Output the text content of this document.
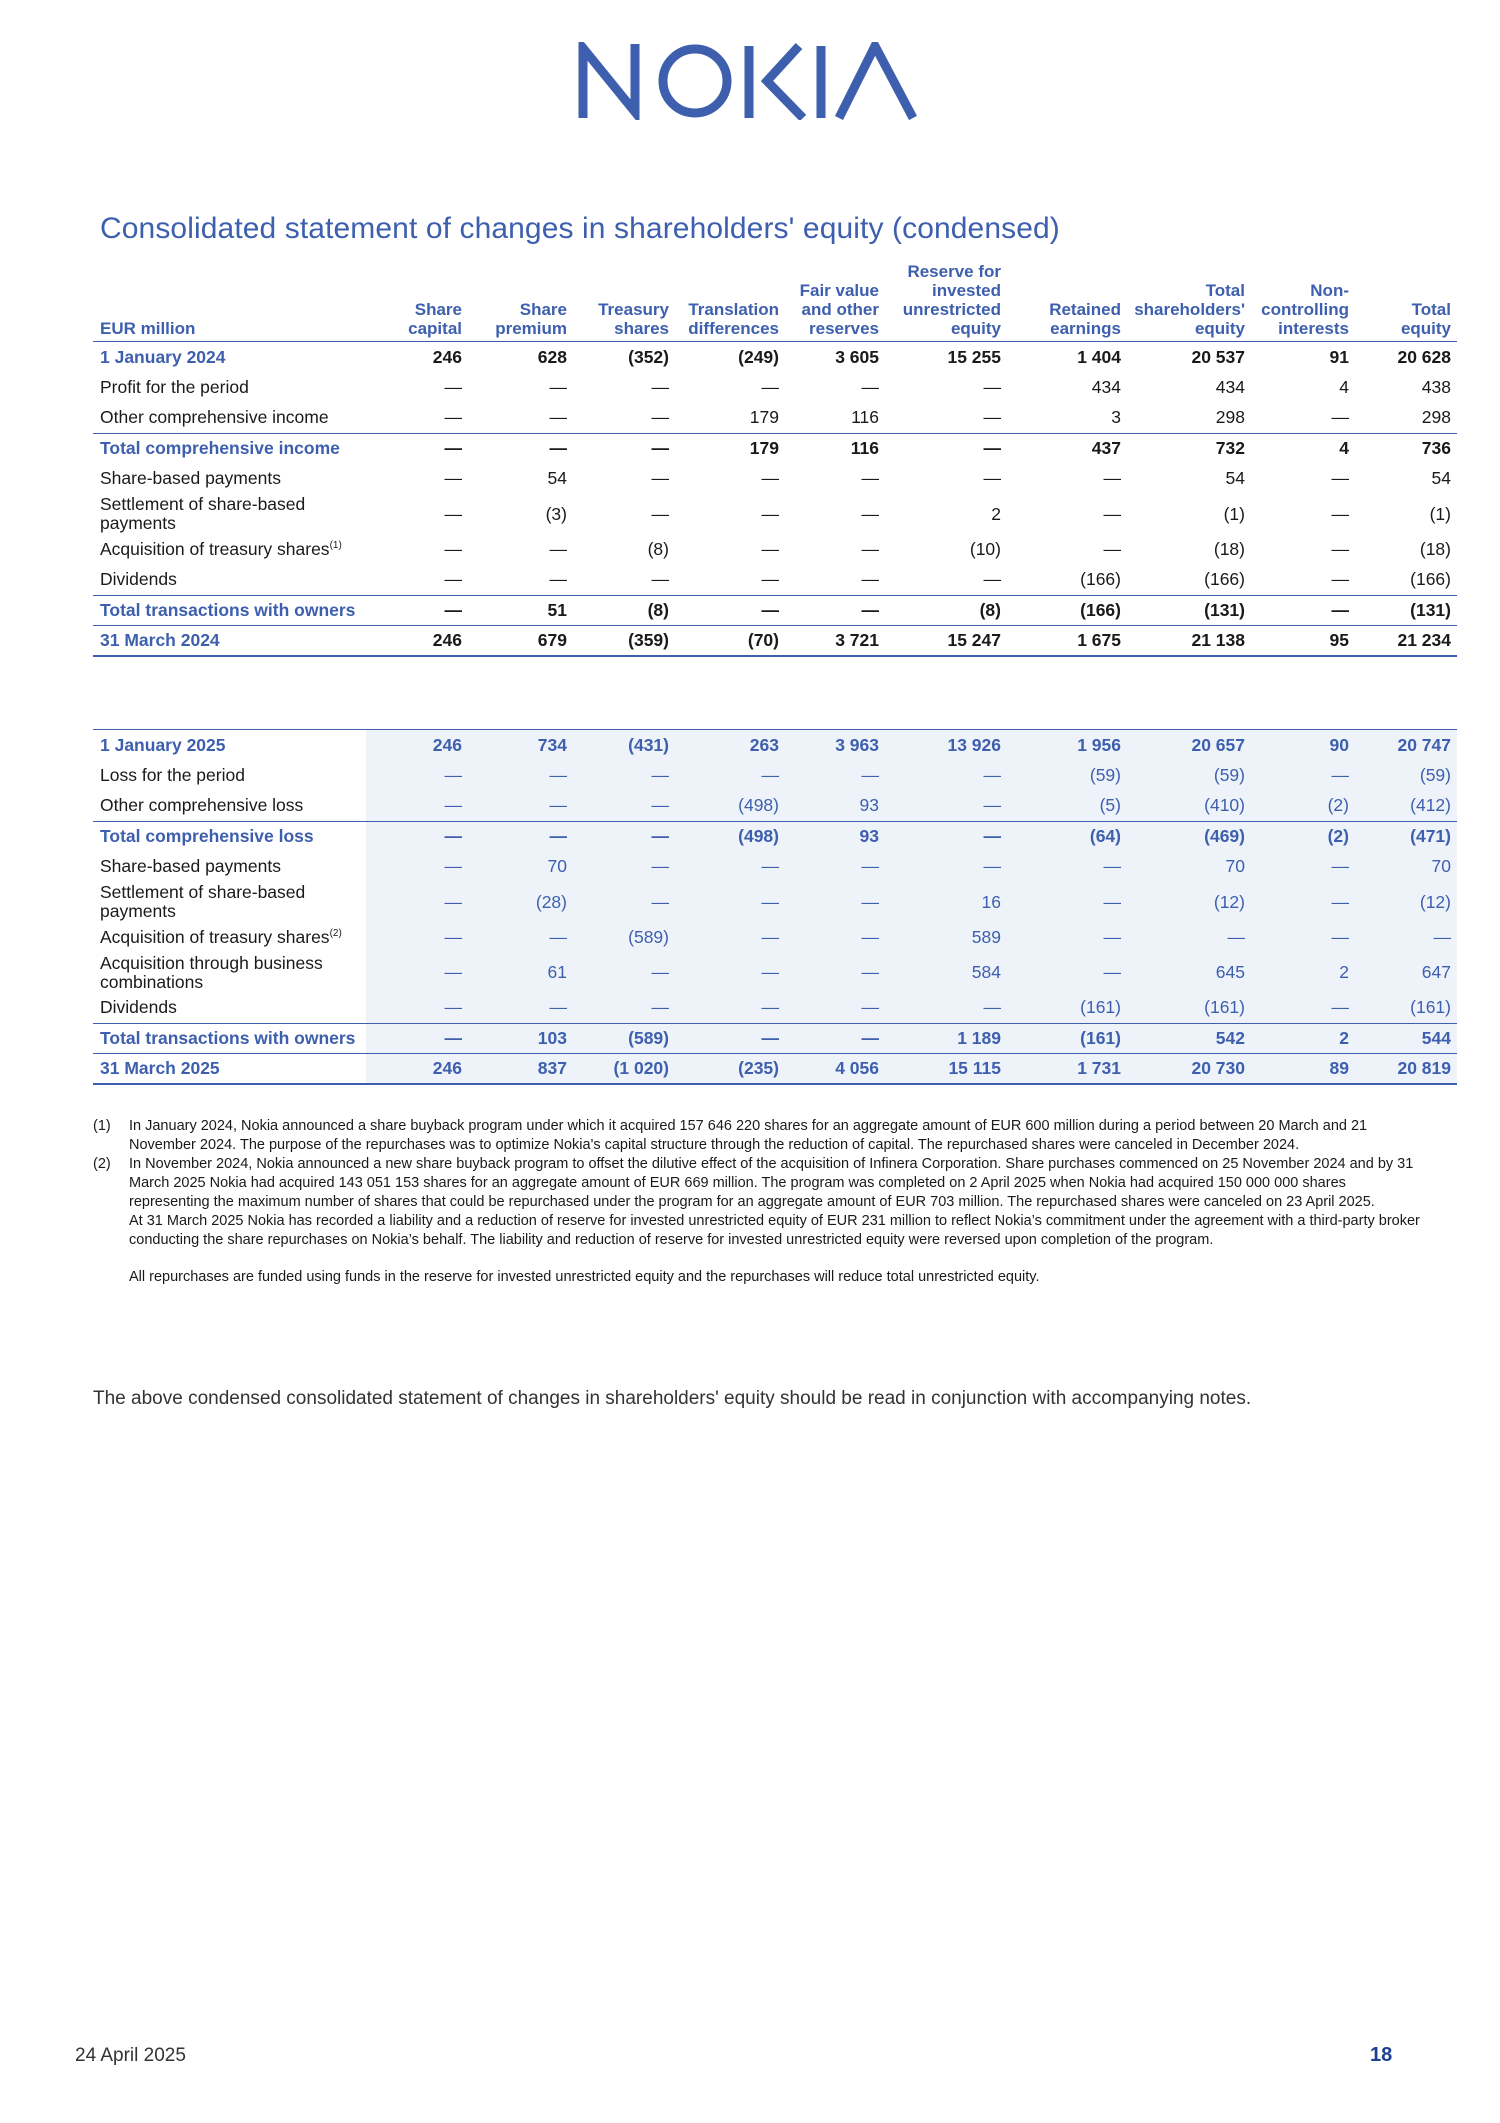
Consolidated statement of changes in shareholders' equity (condensed)
EUR million	Share capital	Share premium	Treasury shares	Translation differences	Fair value and other reserves	Reserve for invested unrestricted equity	Retained earnings	Total shareholders' equity	Non-controlling interests	Total equity
1 January 2024	246	628	(352)	(249)	3 605	15 255	1 404	20 537	91	20 628
Profit for the period	—	—	—	—	—	—	434	434	4	438
Other comprehensive income	—	—	—	179	116	—	3	298	—	298
Total comprehensive income	—	—	—	179	116	—	437	732	4	736
Share-based payments	—	54	—	—	—	—	—	54	—	54
Settlement of share-based payments	—	(3)	—	—	—	2	—	(1)	—	(1)
Acquisition of treasury shares$^{(1)}$	—	—	(8)	—	—	(10)	—	(18)	—	(18)
Dividends	—	—	—	—	—	—	(166)	(166)	—	(166)
Total transactions with owners	—	51	(8)	—	—	(8)	(166)	(131)	—	(131)
31 March 2024	246	679	(359)	(70)	3 721	15 247	1 675	21 138	95	21 234
1 January 2025	246	734	(431)	263	3 963	13 926	1 956	20 657	90	20 747
Loss for the period	—	—	—	—	—	—	(59)	(59)	—	(59)
Other comprehensive loss	—	—	—	(498)	93	—	(5)	(410)	(2)	(412)
Total comprehensive loss	—	—	—	(498)	93	—	(64)	(469)	(2)	(471)
Share-based payments	—	70	—	—	—	—	—	70	—	70
Settlement of share-based payments	—	(28)	—	—	—	16	—	(12)	—	(12)
Acquisition of treasury shares$^{(2)}$	—	—	(589)	—	—	589	—	—	—	—
Acquisition through business combinations	—	61	—	—	—	584	—	645	2	647
Dividends	—	—	—	—	—	—	(161)	(161)	—	(161)
Total transactions with owners	—	103	(589)	—	—	1 189	(161)	542	2	544
31 March 2025	246	837	(1 020)	(235)	4 056	15 115	1 731	20 730	89	20 819
(1)	In January 2024, Nokia announced a share buyback program under which it acquired 157 646 220 shares for an aggregate amount of EUR 600 million during a period between 20 March and 21 November 2024. The purpose of the repurchases was to optimize Nokia's capital structure through the reduction of capital. The repurchased shares were canceled in December 2024.

(2)	In November 2024, Nokia announced a new share buyback program to offset the dilutive effect of the acquisition of Infinera Corporation. Share purchases commenced on 25 November 2024 and by 31 March 2025 Nokia had acquired 143 051 153 shares for an aggregate amount of EUR 669 million. The program was completed on 2 April 2025 when Nokia had acquired 150 000 000 shares representing the maximum number of shares that could be repurchased under the program for an aggregate amount of EUR 703 million. The repurchased shares were canceled on 23 April 2025.

At 31 March 2025 Nokia has recorded a liability and a reduction of reserve for invested unrestricted equity of EUR 231 million to reflect Nokia’s commitment under the agreement with a third-party broker conducting the share repurchases on Nokia’s behalf. The liability and reduction of reserve for invested unrestricted equity were reversed upon completion of the program.

All repurchases are funded using funds in the reserve for invested unrestricted equity and the repurchases will reduce total unrestricted equity.

The above condensed consolidated statement of changes in shareholders' equity should be read in conjunction with accompanying notes.
24 April 2025	18
